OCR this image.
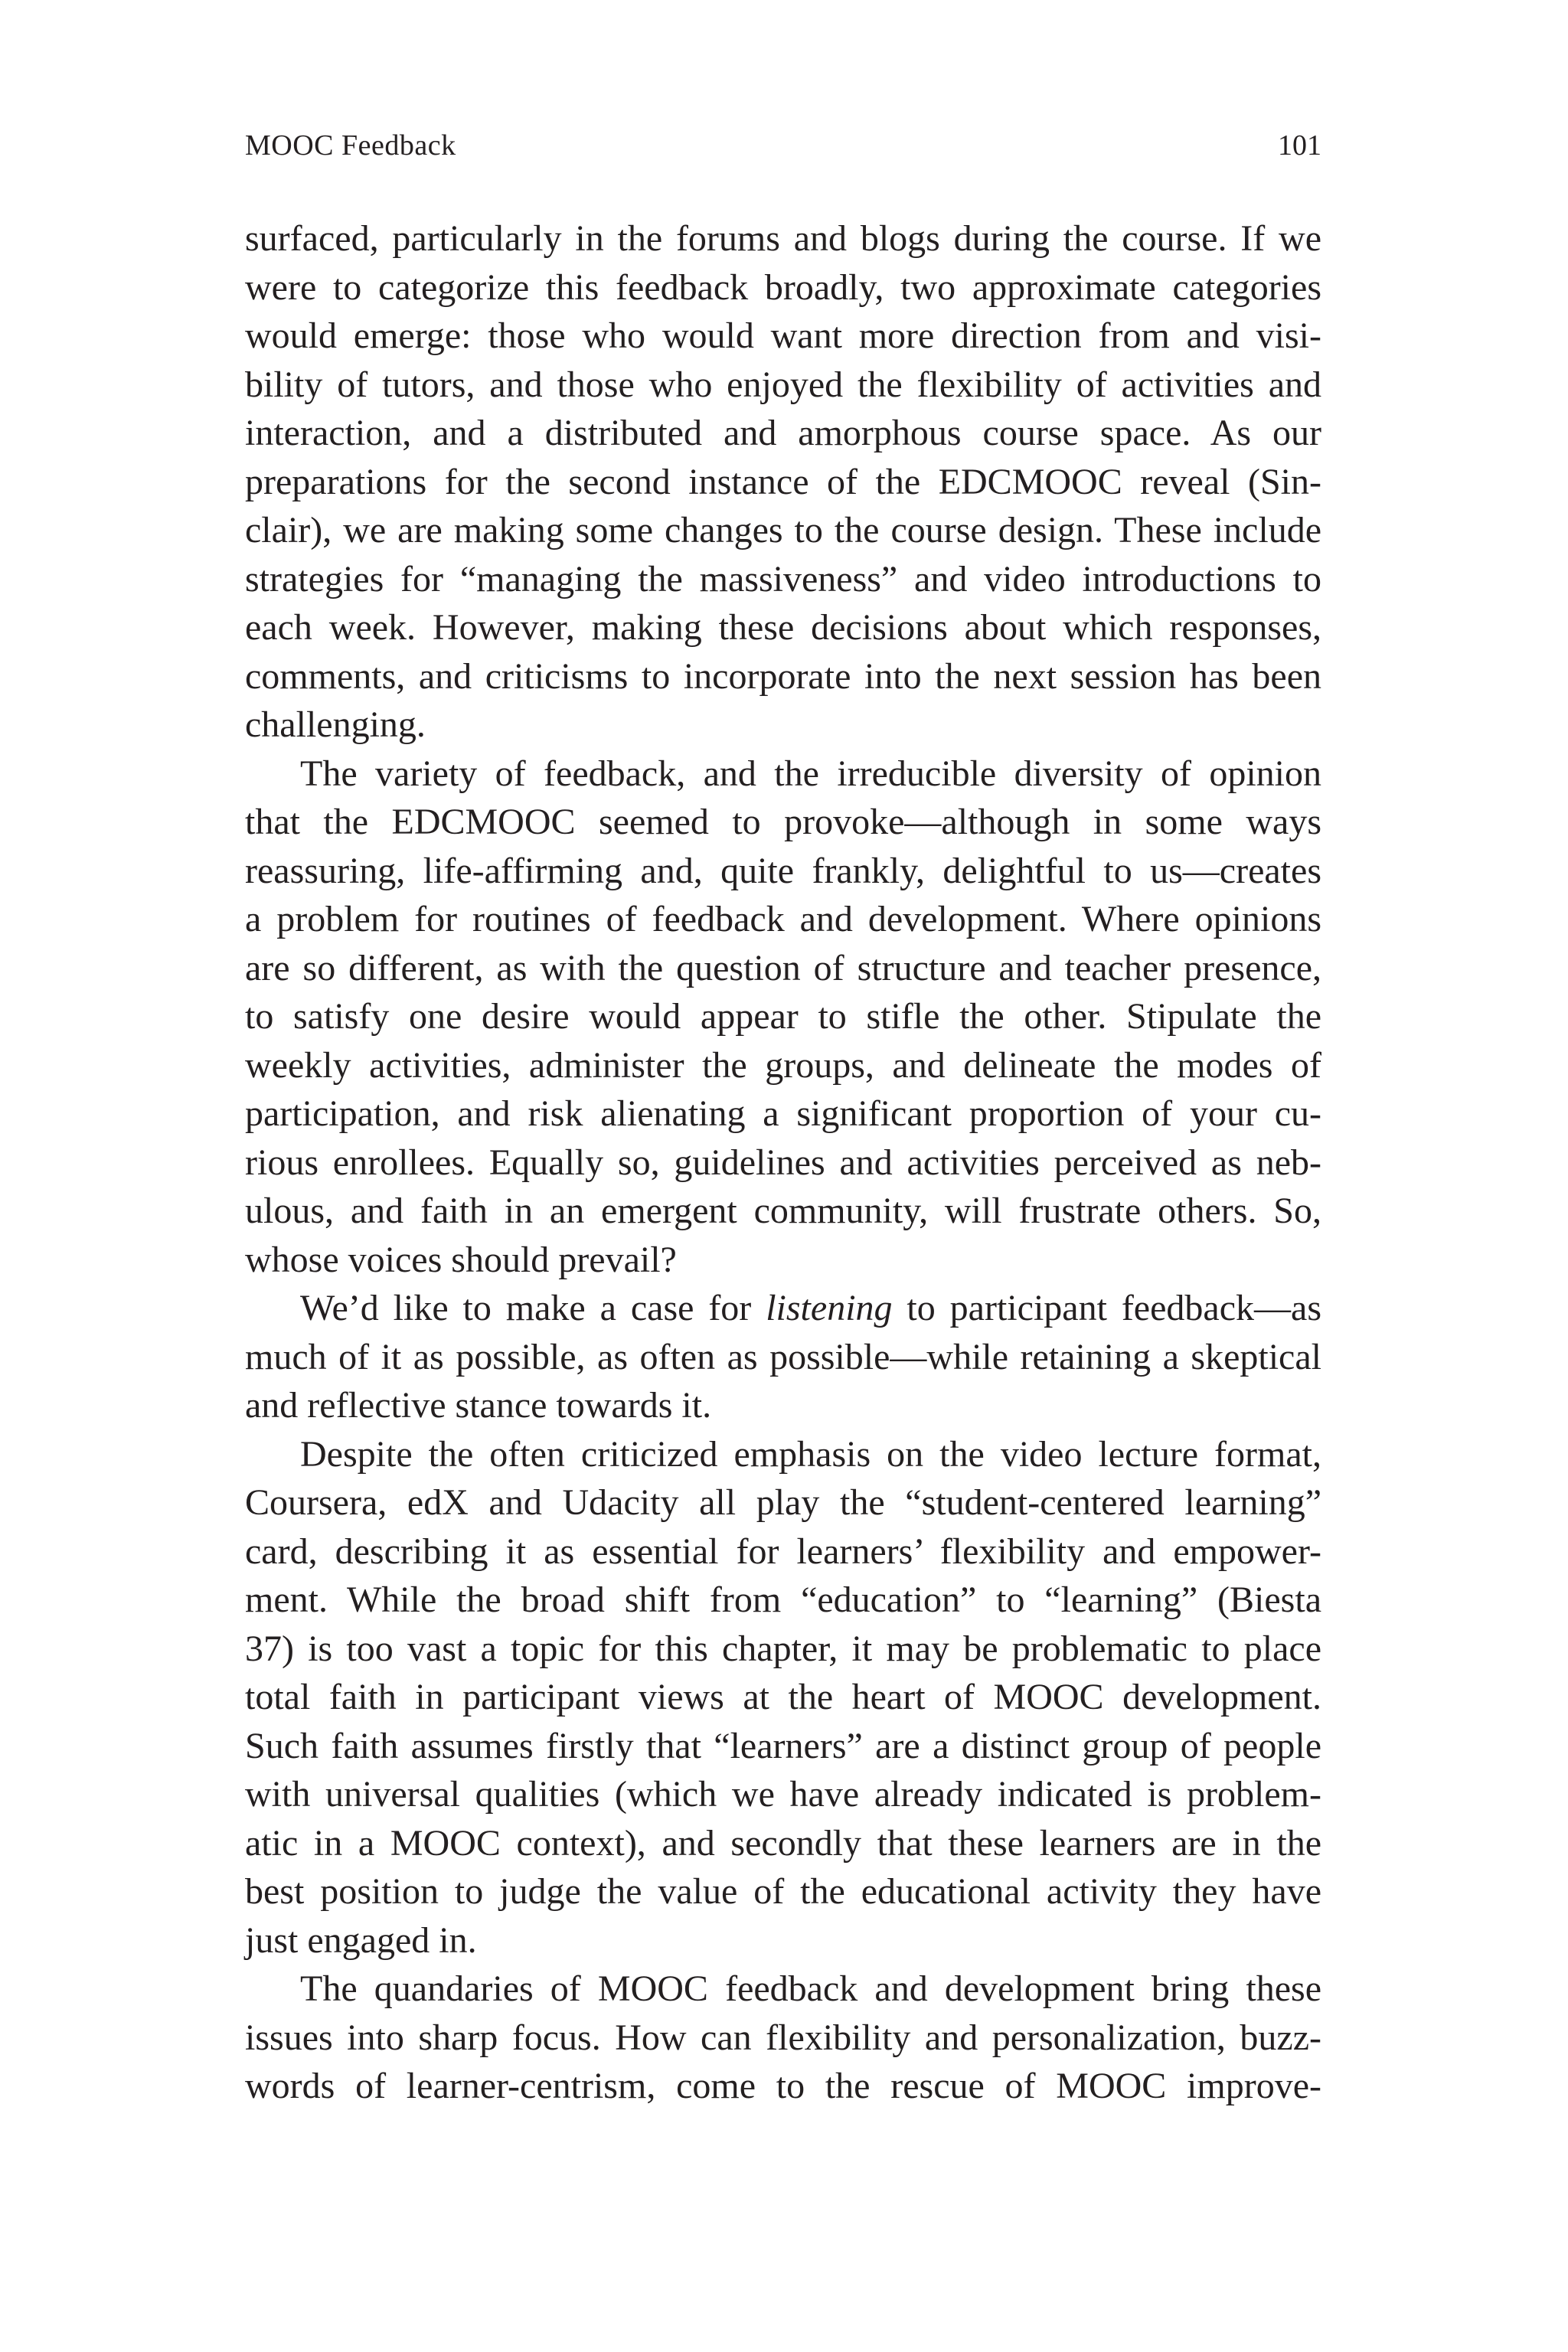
MOOC Feedback	101
surfaced, particularly in the forums and blogs during the course. If we
were to categorize this feedback broadly, two approximate categories
would emerge: those who would want more direction from and visi-
bility of tutors, and those who enjoyed the flexibility of activities and
interaction, and a distributed and amorphous course space. As our
preparations for the second instance of the EDCMOOC reveal (Sin-
clair), we are making some changes to the course design. These include
strategies for “managing the massiveness” and video introductions to
each week. However, making these decisions about which responses,
comments, and criticisms to incorporate into the next session has been
challenging.
The variety of feedback, and the irreducible diversity of opinion
that the EDCMOOC seemed to provoke—although in some ways
reassuring, life-affirming and, quite frankly, delightful to us—creates
a problem for routines of feedback and development. Where opinions
are so different, as with the question of structure and teacher presence,
to satisfy one desire would appear to stifle the other. Stipulate the
weekly activities, administer the groups, and delineate the modes of
participation, and risk alienating a significant proportion of your cu-
rious enrollees. Equally so, guidelines and activities perceived as neb-
ulous, and faith in an emergent community, will frustrate others. So,
whose voices should prevail?
We’d like to make a case for listening to participant feedback—as
much of it as possible, as often as possible—while retaining a skeptical
and reflective stance towards it.
Despite the often criticized emphasis on the video lecture format,
Coursera, edX and Udacity all play the “student-centered learning”
card, describing it as essential for learners’ flexibility and empower-
ment. While the broad shift from “education” to “learning” (Biesta
37) is too vast a topic for this chapter, it may be problematic to place
total faith in participant views at the heart of MOOC development.
Such faith assumes firstly that “learners” are a distinct group of people
with universal qualities (which we have already indicated is problem-
atic in a MOOC context), and secondly that these learners are in the
best position to judge the value of the educational activity they have
just engaged in.
The quandaries of MOOC feedback and development bring these
issues into sharp focus. How can flexibility and personalization, buzz-
words of learner-centrism, come to the rescue of MOOC improve-
